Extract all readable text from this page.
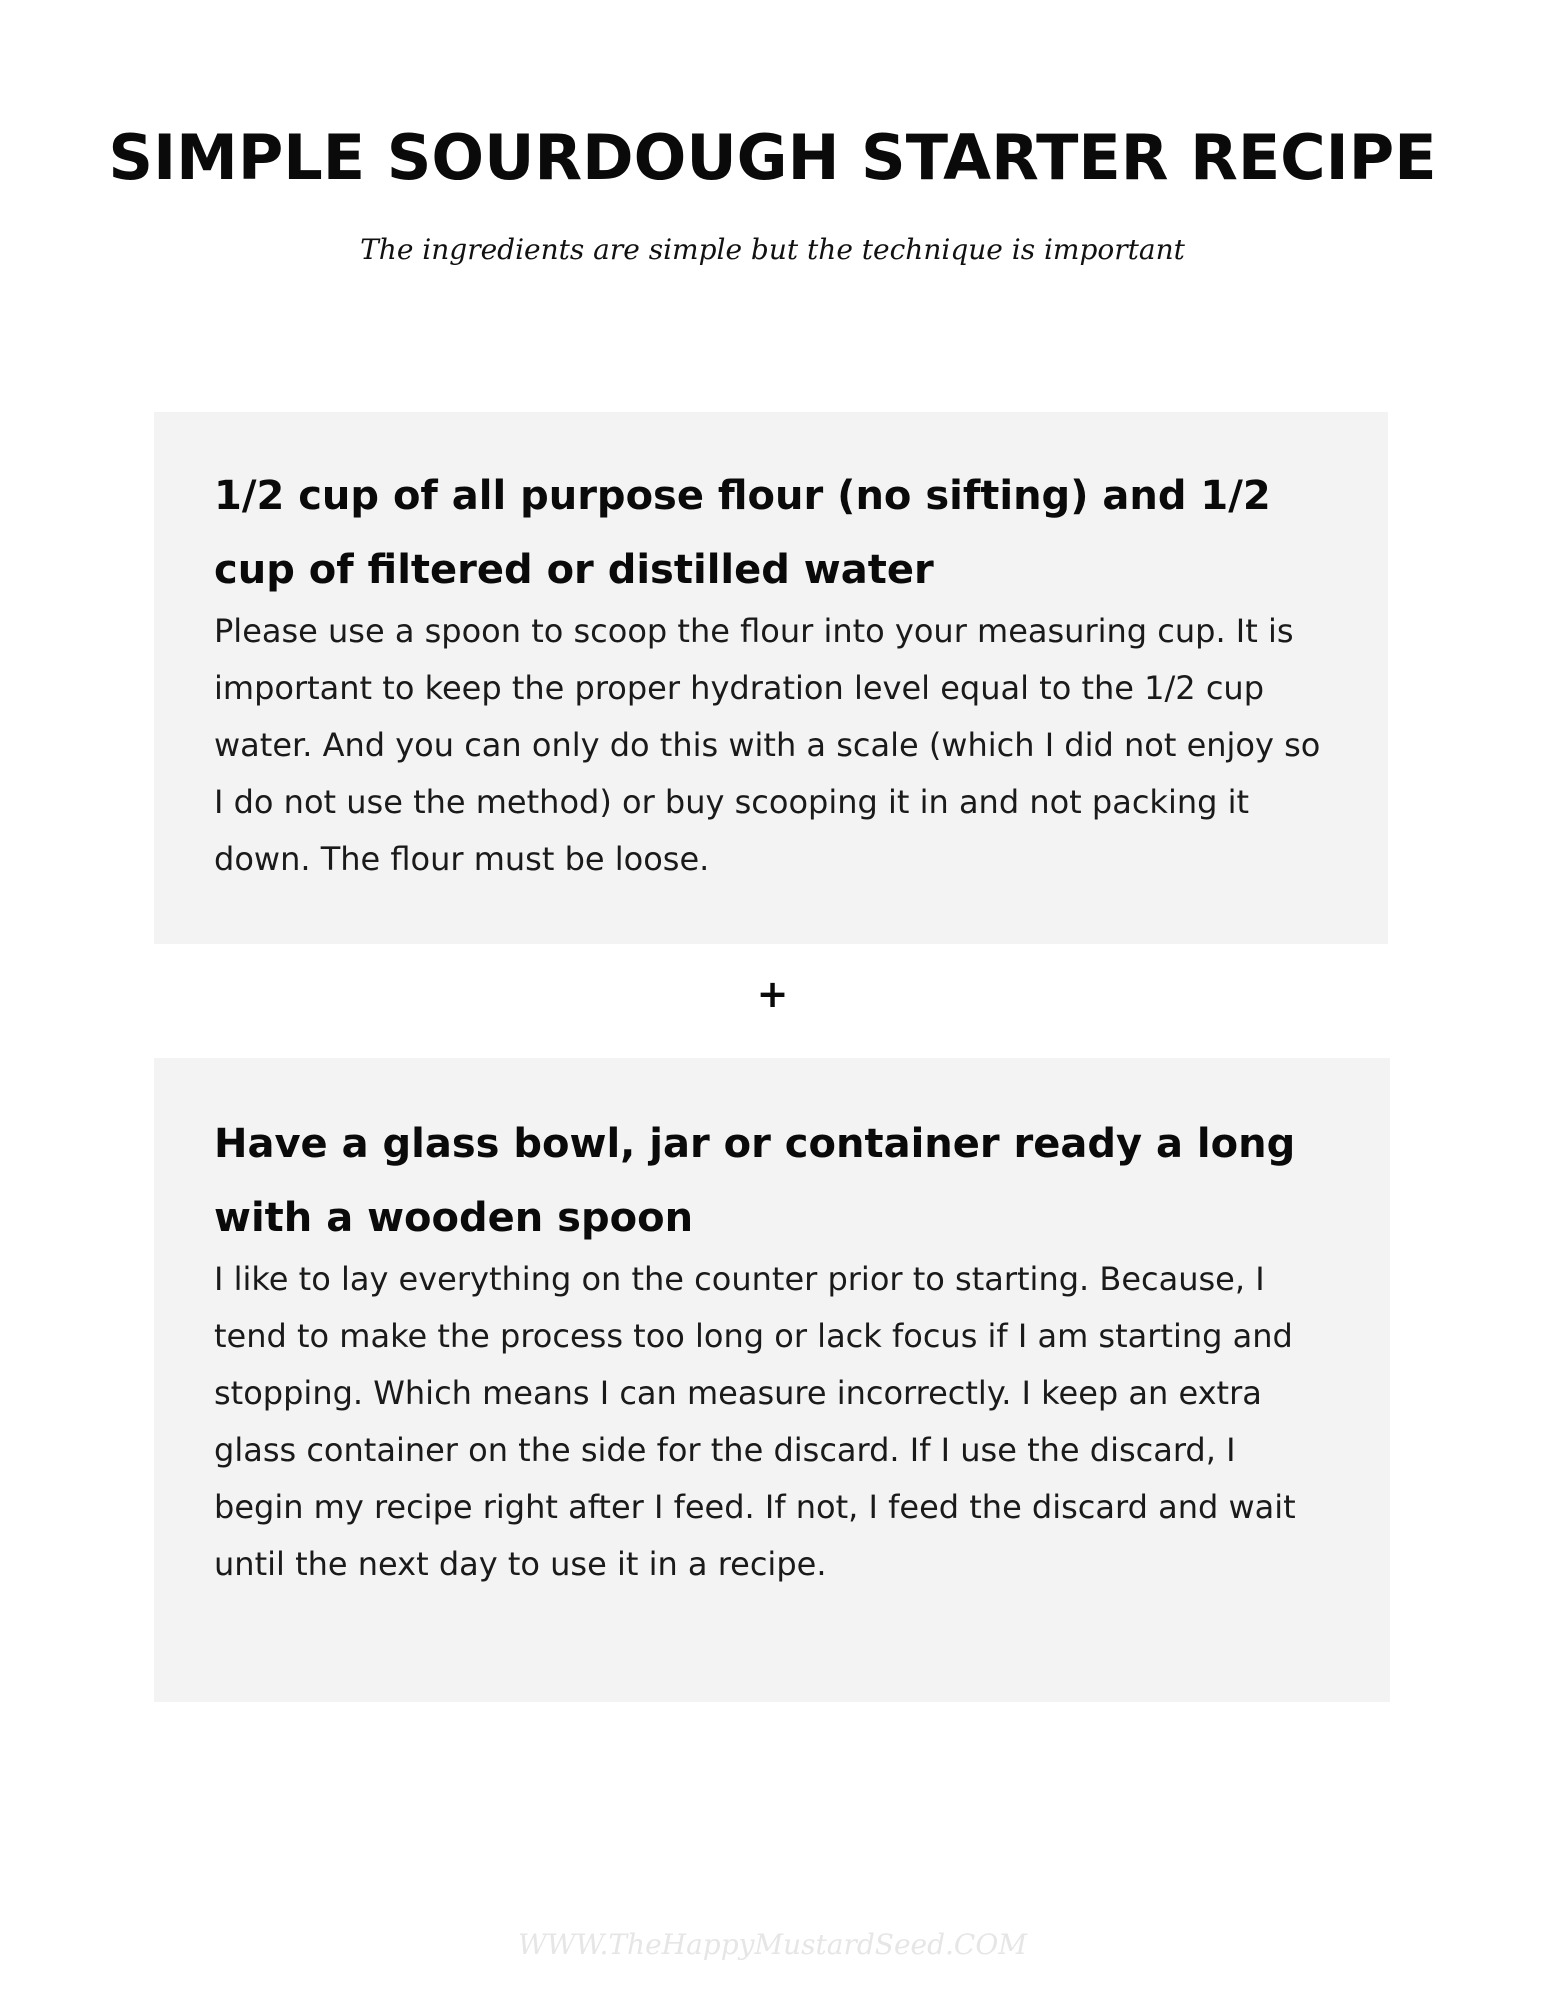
SIMPLE SOURDOUGH STARTER RECIPE

The ingredients are simple but the technique is important

1/2 cup of all purpose flour (no sifting) and 1/2 cup of filtered or distilled water

Please use a spoon to scoop the flour into your measuring cup. It is important to keep the proper hydration level equal to the 1/2 cup water. And you can only do this with a scale (which I did not enjoy so I do not use the method) or buy scooping it in and not packing it down. The flour must be loose.

+
Have a glass bowl, jar or container ready a long with a wooden spoon

I like to lay everything on the counter prior to starting. Because, I tend to make the process too long or lack focus if I am starting and stopping. Which means I can measure incorrectly. I keep an extra glass container on the side for the discard. If I use the discard, I begin my recipe right after I feed. If not, I feed the discard and wait until the next day to use it in a recipe.

WWW.TheHappyMustardSeed.COM
